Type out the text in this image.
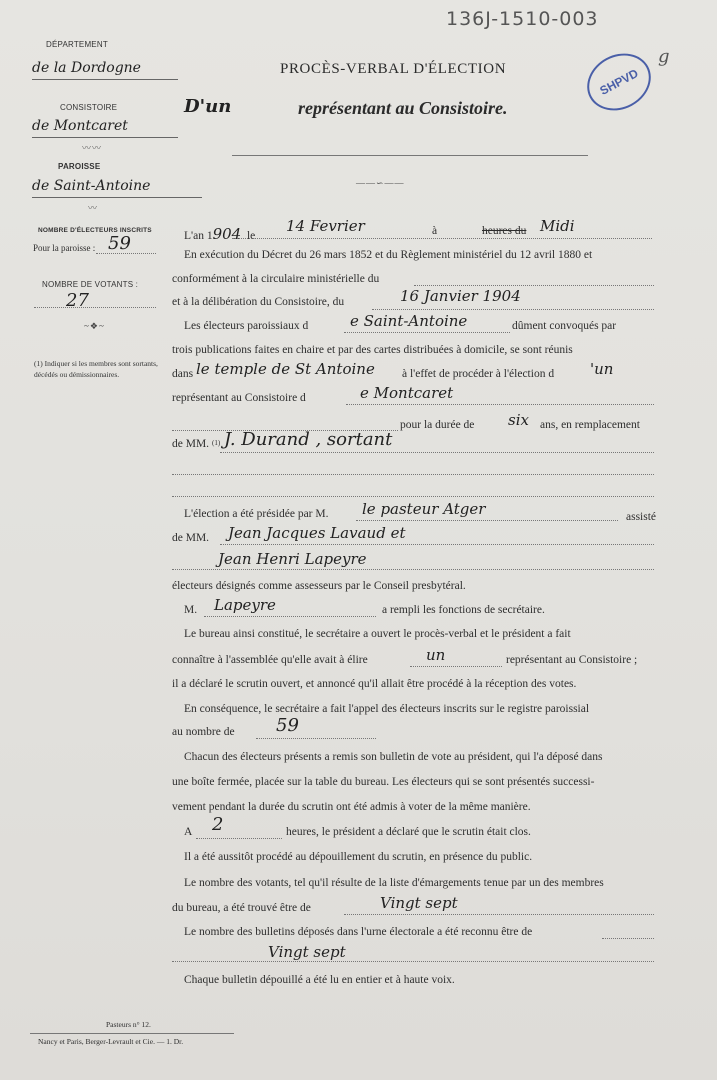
136J-1510-003
g
SHPVD
DÉPARTEMENT
de la Dordogne
CONSISTOIRE
de Montcaret
〰〰
PAROISSE
de Saint-Antoine
〰
NOMBRE D'ÉLECTEURS INSCRITS
Pour la paroisse : 59
NOMBRE DE VOTANTS :
27
~❖~
(1) Indiquer si les membres sont sortants, décédés ou démissionnaires.
PROCÈS-VERBAL D'ÉLECTION
D'un	représentant au Consistoire.
——∽——
L'an 1904 le
14 Fevrier	à	heures du Midi
En exécution du Décret du 26 mars 1852 et du Règlement ministériel du 12 avril 1880 et
conformément à la circulaire ministérielle du
et à la délibération du Consistoire, du	16 Janvier 1904
Les électeurs paroissiaux d	e Saint-Antoine	dûment convoqués par
trois publications faites en chaire et par des cartes distribuées à domicile, se sont réunis
dans le temple de St Antoine à l'effet de procéder à l'élection d 'un
représentant au Consistoire d	e Montcaret
pour la durée de six ans, en remplacement
de MM. (1) J. Durand , sortant
L'élection a été présidée par M. le pasteur Atger	assisté
de MM. Jean Jacques Lavaud et
Jean Henri Lapeyre
électeurs désignés comme assesseurs par le Conseil presbytéral.
M. Lapeyre	a rempli les fonctions de secrétaire.
Le bureau ainsi constitué, le secrétaire a ouvert le procès-verbal et le président a fait
connaître à l'assemblée qu'elle avait à élire	un	représentant au Consistoire ;
il a déclaré le scrutin ouvert, et annoncé qu'il allait être procédé à la réception des votes.
En conséquence, le secrétaire a fait l'appel des électeurs inscrits sur le registre paroissial
au nombre de 59
Chacun des électeurs présents a remis son bulletin de vote au président, qui l'a déposé dans
une boîte fermée, placée sur la table du bureau. Les électeurs qui se sont présentés successi-
vement pendant la durée du scrutin ont été admis à voter de la même manière.
A 2	heures, le président a déclaré que le scrutin était clos.
Il a été aussitôt procédé au dépouillement du scrutin, en présence du public.
Le nombre des votants, tel qu'il résulte de la liste d'émargements tenue par un des membres
du bureau, a été trouvé être de	Vingt sept
Le nombre des bulletins déposés dans l'urne électorale a été reconnu être de
Vingt sept
Chaque bulletin dépouillé a été lu en entier et à haute voix.
Pasteurs n° 12.
Nancy et Paris, Berger-Levrault et Cie. — 1. Dr.
